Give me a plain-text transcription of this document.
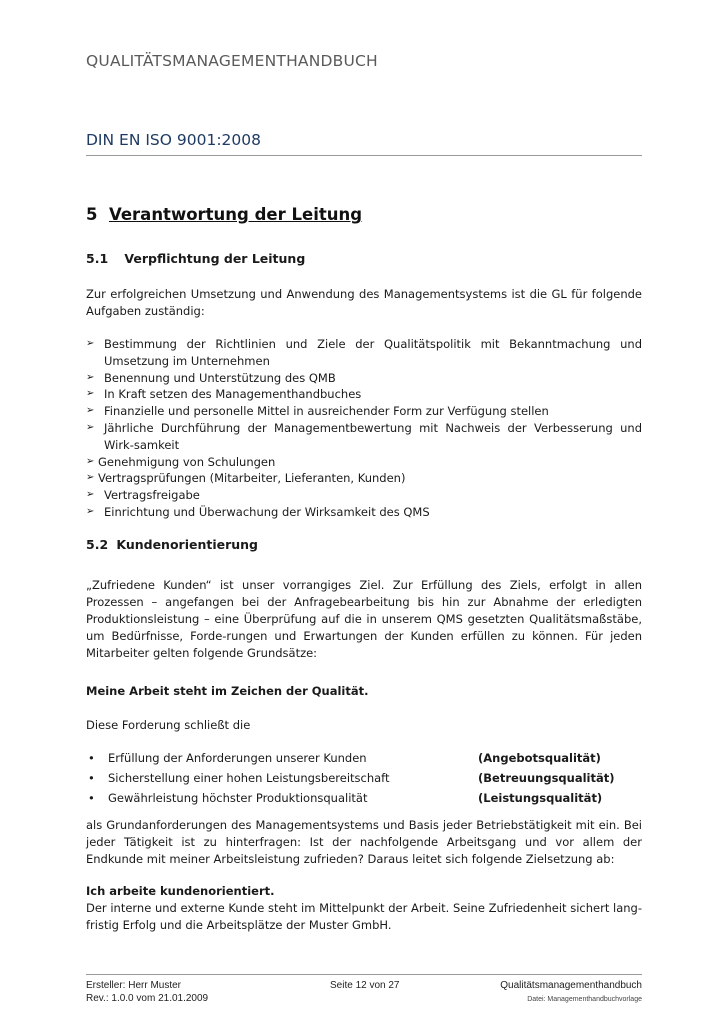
QUALITÄTSMANAGEMENTHANDBUCH
DIN EN ISO 9001:2008
5 Verantwortung der Leitung
5.1 Verpflichtung der Leitung
Zur erfolgreichen Umsetzung und Anwendung des Managementsystems ist die GL für folgende Aufgaben zuständig:
➢ Bestimmung der Richtlinien und Ziele der Qualitätspolitik mit Bekanntmachung und Umsetzung im Unternehmen
➢ Benennung und Unterstützung des QMB
➢ In Kraft setzen des Managementhandbuches
➢ Finanzielle und personelle Mittel in ausreichender Form zur Verfügung stellen
➢ Jährliche Durchführung der Managementbewertung mit Nachweis der Verbesserung und Wirk-samkeit
➢ Genehmigung von Schulungen
➢ Vertragsprüfungen (Mitarbeiter, Lieferanten, Kunden)
➢ Vertragsfreigabe
➢ Einrichtung und Überwachung der Wirksamkeit des QMS
5.2 Kundenorientierung
„Zufriedene Kunden“ ist unser vorrangiges Ziel. Zur Erfüllung des Ziels, erfolgt in allen Prozessen – angefangen bei der Anfragebearbeitung bis hin zur Abnahme der erledigten Produktionsleistung – eine Überprüfung auf die in unserem QMS gesetzten Qualitätsmaßstäbe, um Bedürfnisse, Forde-rungen und Erwartungen der Kunden erfüllen zu können. Für jeden Mitarbeiter gelten folgende Grundsätze:
Meine Arbeit steht im Zeichen der Qualität.
Diese Forderung schließt die
• Erfüllung der Anforderungen unserer Kunden	(Angebotsqualität)
• Sicherstellung einer hohen Leistungsbereitschaft	(Betreuungsqualität)
• Gewährleistung höchster Produktionsqualität	(Leistungsqualität)
als Grundanforderungen des Managementsystems und Basis jeder Betriebstätigkeit mit ein. Bei jeder Tätigkeit ist zu hinterfragen: Ist der nachfolgende Arbeitsgang und vor allem der Endkunde mit meiner Arbeitsleistung zufrieden? Daraus leitet sich folgende Zielsetzung ab:
Ich arbeite kundenorientiert.
Der interne und externe Kunde steht im Mittelpunkt der Arbeit. Seine Zufriedenheit sichert lang-fristig Erfolg und die Arbeitsplätze der Muster GmbH.
Ersteller: Herr Muster	Seite 12 von 27	Qualitätsmanagementhandbuch
Rev.: 1.0.0 vom 21.01.2009	Datei: Managementhandbuchvorlage
